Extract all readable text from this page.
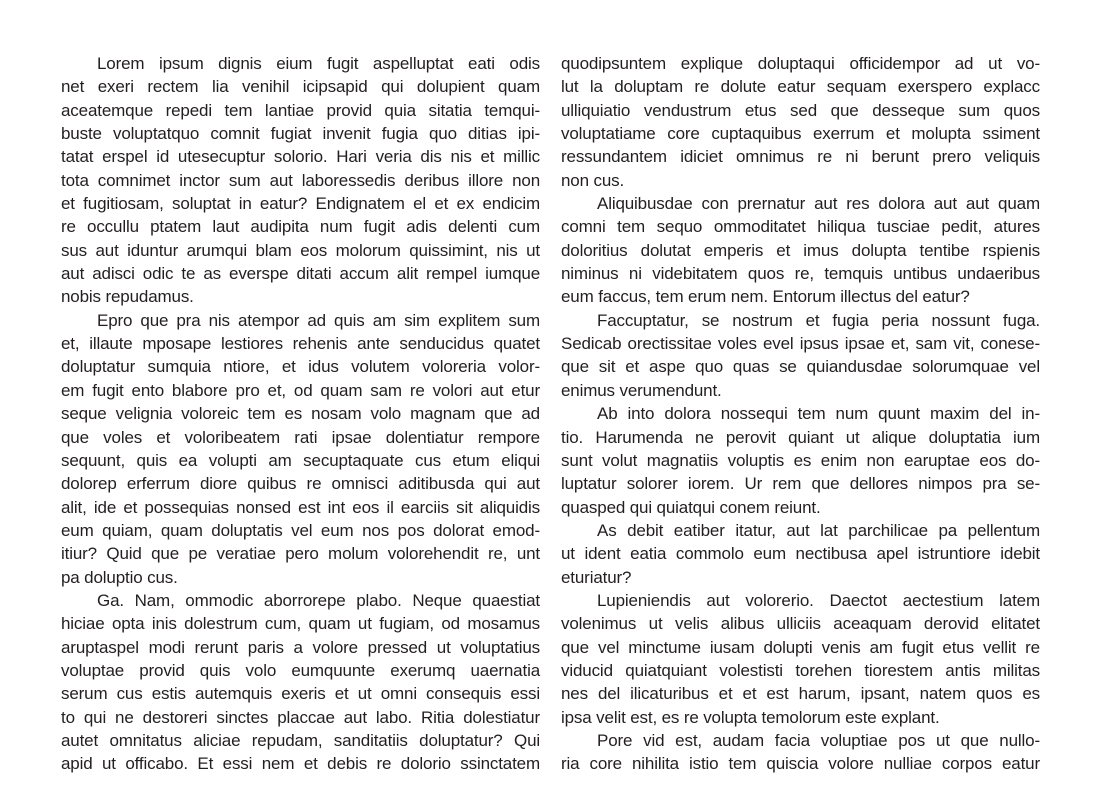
Lorem ipsum dignis eium fugit aspelluptat eati odis
net exeri rectem lia venihil icipsapid qui dolupient quam
aceatemque repedi tem lantiae provid quia sitatia temqui-
buste voluptatquo comnit fugiat invenit fugia quo ditias ipi-
tatat erspel id utesecuptur solorio. Hari veria dis nis et millic
tota comnimet inctor sum aut laboressedis deribus illore non
et fugitiosam, soluptat in eatur? Endignatem el et ex endicim
re occullu ptatem laut audipita num fugit adis delenti cum
sus aut iduntur arumqui blam eos molorum quissimint, nis ut
aut adisci odic te as everspe ditati accum alit rempel iumque
nobis repudamus.
Epro que pra nis atempor ad quis am sim explitem sum
et, illaute mposape lestiores rehenis ante senducidus quatet
doluptatur sumquia ntiore, et idus volutem voloreria volor-
em fugit ento blabore pro et, od quam sam re volori aut etur
seque velignia voloreic tem es nosam volo magnam que ad
que voles et voloribeatem rati ipsae dolentiatur rempore
sequunt, quis ea volupti am secuptaquate cus etum eliqui
dolorep erferrum diore quibus re omnisci aditibusda qui aut
alit, ide et possequias nonsed est int eos il earciis sit aliquidis
eum quiam, quam doluptatis vel eum nos pos dolorat emod-
itiur? Quid que pe veratiae pero molum volorehendit re, unt
pa doluptio cus.
Ga. Nam, ommodic aborrorepe plabo. Neque quaestiat
hiciae opta inis dolestrum cum, quam ut fugiam, od mosamus
aruptaspel modi rerunt paris a volore pressed ut voluptatius
voluptae provid quis volo eumquunte exerumq uaernatia
serum cus estis autemquis exeris et ut omni consequis essi
to qui ne destoreri sinctes placcae aut labo. Ritia dolestiatur
autet omnitatus aliciae repudam, sanditatiis doluptatur? Qui
apid ut officabo. Et essi nem et debis re dolorio ssinctatem
quodipsuntem explique doluptaqui officidempor ad ut vo-
lut la doluptam re dolute eatur sequam exerspero explacc
ulliquiatio vendustrum etus sed que desseque sum quos
voluptatiame core cuptaquibus exerrum et molupta ssiment
ressundantem idiciet omnimus re ni berunt prero veliquis
non cus.
Aliquibusdae con prernatur aut res dolora aut aut quam
comni tem sequo ommoditatet hiliqua tusciae pedit, atures
doloritius dolutat emperis et imus dolupta tentibe rspienis
niminus ni videbitatem quos re, temquis untibus undaeribus
eum faccus, tem erum nem. Entorum illectus del eatur?
Faccuptatur, se nostrum et fugia peria nossunt fuga.
Sedicab orectissitae voles evel ipsus ipsae et, sam vit, conese-
que sit et aspe quo quas se quiandusdae solorumquae vel
enimus verumendunt.
Ab into dolora nossequi tem num quunt maxim del in-
tio. Harumenda ne perovit quiant ut alique doluptatia ium
sunt volut magnatiis voluptis es enim non earuptae eos do-
luptatur solorer iorem. Ur rem que dellores nimpos pra se-
quasped qui quiatqui conem reiunt.
As debit eatiber itatur, aut lat parchilicae pa pellentum
ut ident eatia commolo eum nectibusa apel istruntiore idebit
eturiatur?
Lupieniendis aut volorerio. Daectot aectestium latem
volenimus ut velis alibus ulliciis aceaquam derovid elitatet
que vel minctume iusam dolupti venis am fugit etus vellit re
viducid quiatquiant volestisti torehen tiorestem antis militas
nes del ilicaturibus et et est harum, ipsant, natem quos es
ipsa velit est, es re volupta temolorum este explant.
Pore vid est, audam facia voluptiae pos ut que nullo-
ria core nihilita istio tem quiscia volore nulliae corpos eatur
